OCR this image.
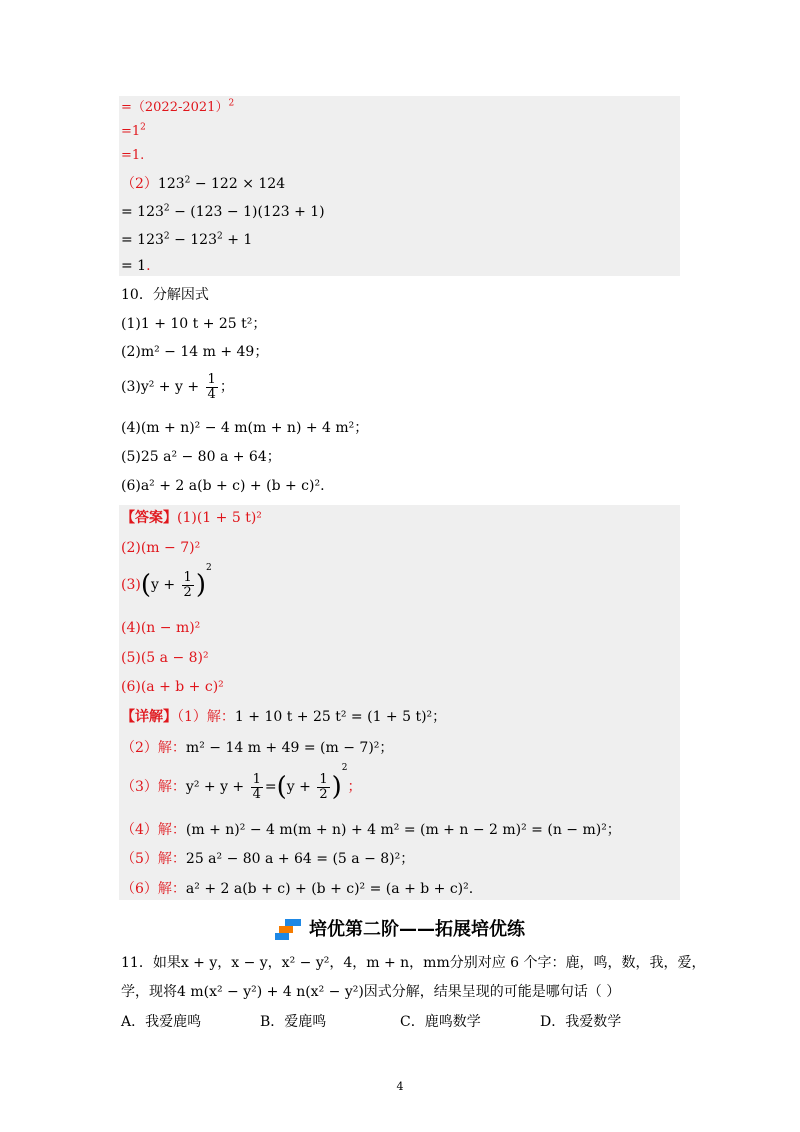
=（2022-2021）$^2$
$=1^2$
=1.
$(2)123^2 - 122 \times 124$
= $123^2 - (123 - 1)(123 + 1)$
= $123^2 - 123^2 + 1$
= 1.
10．分解因式
(1)1 + 10 t + 25 t²；
(2)m² − 14 m + 49；
$(3)y^2 + y + \frac{1}{4}$ ；
(4)(m + n)² − 4 m(m + n) + 4 m²；
(5)25 a² − 80 a + 64；
(6)a² + 2 a(b + c) + (b + c)².
【答案】(1)(1 + 5 t)²
(2)(m − 7)²
$(3)(y + \frac{1}{2} )^2$
(4)(n − m)²
(5)(5 a − 8)²
(6)(a + b + c)²
【详解】（1）解：1 + 10 t + 25 t² = (1 + 5 t)²；
（2）解：m² − 14 m + 49 = (m − 7)²；
（3）解：$y^2 + y + \frac{1}{4} =(y + \frac{1}{2} )^2$；
（4）解：(m + n)² − 4 m(m + n) + 4 m² = (m + n − 2 m)² = (n − m)²；
（5）解：25 a² − 80 a + 64 = (5 a − 8)²；
（6）解：a² + 2 a(b + c) + (b + c)² = (a + b + c)².
培优第二阶——拓展培优练
11．如果x + y，x − y，x² − y²，4，m + n，mm分别对应 6 个字：鹿，鸣，数，我，爱，
学，现将4 m(x² − y²) + 4 n(x² − y²)因式分解，结果呈现的可能是哪句话（ ）
A．我爱鹿鸣	B．爱鹿鸣	C．鹿鸣数学	D．我爱数学
4
